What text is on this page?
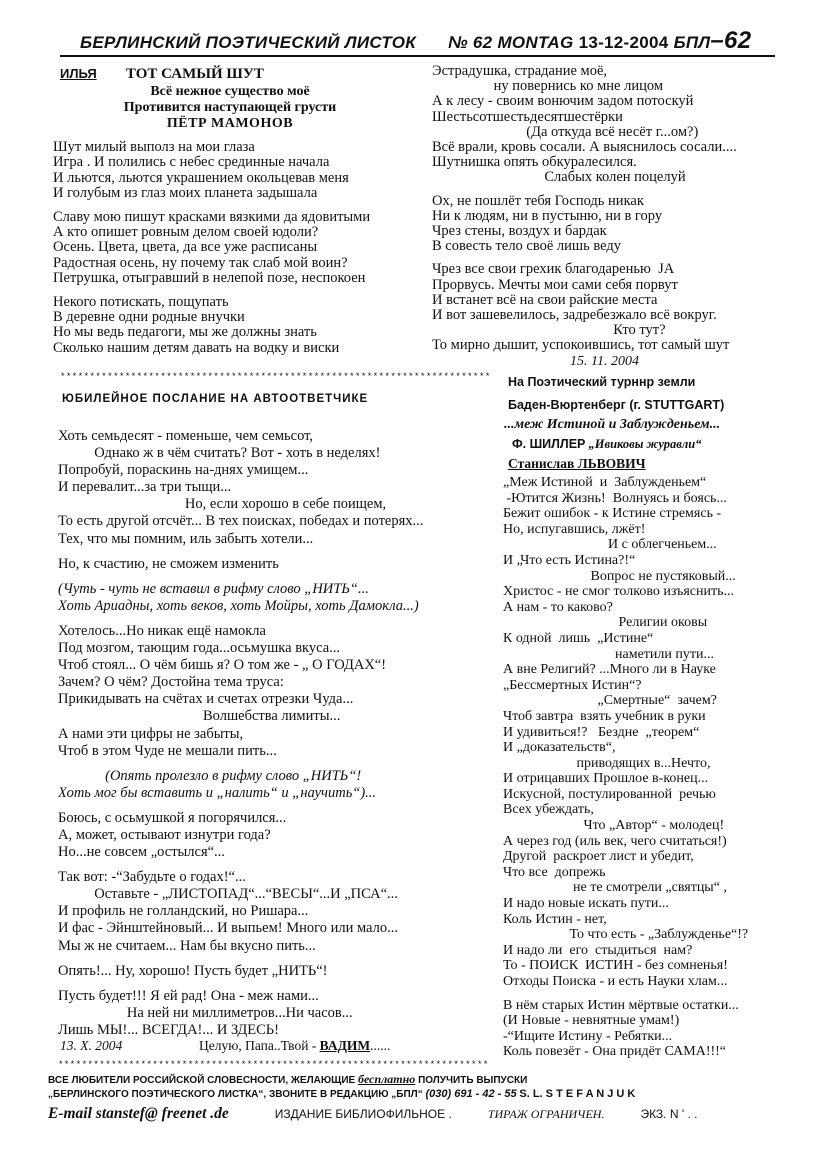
БЕРЛИНСКИЙ ПОЭТИЧЕСКИЙ ЛИСТОК № 62 MONTAG 13-12-2004 БПЛ–62
ИЛЬЯ ТОТ САМЫЙ ШУТ
Всё нежное существо моё
Противится наступающей грусти
ПЁТР МАМОНОВ
Шут милый выполз на мои глаза
Игра . И полились с небес срединные начала
И льются, льются украшением окольцевав меня
И голубым из глаз моих планета задышала
Славу мою пишут красками вязкими да ядовитыми
А кто опишет ровным делом своей юдоли?
Осень. Цвета, цвета, да все уже расписаны
Радостная осень, ну почему так слаб мой воин?
Петрушка, отыгравший в нелепой позе, неспокоен
Некого потискать, пощупать
В деревне одни родные внучки
Но мы ведь педагоги, мы же должны знать
Сколько нашим детям давать на водку и виски
Эстрадушка, страдание моё,
ну повернись ко мне лицом
А к лесу - своим вонючим задом потоскуй
Шестьсотшестьдесятшестёрки
(Да откуда всё несёт г...ом?)
Всё врали, кровь сосали. А выяснилось сосали....
Шутнишка опять обкуралесился.
Слабых колен поцелуй
Ох, не пошлёт тебя Господь никак
Ни к людям, ни в пустыню, ни в гору
Чрез стены, воздух и бардак
В совесть тело своё лишь веду
Чрез все свои грехик благодаренью  JA
Прорвусь. Мечты мои сами себя порвут
И встанет всё на свои райские места
И вот зашевелилось, задребезжало всё вокруг.
Кто тут?
То мирно дышит, успокоившись, тот самый шут
15. 11. 2004
*************************************************************************
ЮБИЛЕЙНОЕ ПОСЛАНИЕ НА АВТООТВЕТЧИКЕ
Хоть семьдесят - поменьше, чем семьсот,
Однако ж в чём считать? Вот - хоть в неделях!
Попробуй, пораскинь на-днях умищем...
И перевалит...за три тыщи...
Но, если хорошо в себе поищем,
То есть другой отсчёт... В тех поисках, победах и потерях...
Тех, что мы помним, иль забыть хотели...
Но, к счастию, не сможем изменить
(Чуть - чуть не вставил в рифму слово „НИТЬ“...
Хоть Ариадны, хоть веков, хоть Мойры, хоть Дамокла...)
Хотелось...Но никак ещё намокла
Под мозгом, тающим года...осьмушка вкуса...
Чтоб стоял... О чём бишь я? О том же - „ О ГОДАХ“!
Зачем? О чём? Достойна тема труса:
Прикидывать на счётах и счетах отрезки Чуда...
Волшебства лимиты...
А нами эти цифры не забыты,
Чтоб в этом Чуде не мешали пить...
(Опять пролезло в рифму слово „НИТЬ“!
Хоть мог бы вставить и „налить“ и „научить“)...
Боюсь, с осьмушкой я погорячился...
А, может, остывают изнутри года?
Но...не совсем „остылся“...
Так вот: -“Забудьте о годах!“...
Оставьте - „ЛИСТОПАД“...“ВЕСЫ“...И „ПСА“...
И профиль не голландский, но Ришара...
И фас - Эйнштейновый... И выпьем! Много или мало...
Мы ж не считаем... Нам бы вкусно пить...
Опять!... Ну, хорошо! Пусть будет „НИТЬ“!
Пусть будет!!! Я ей рад! Она - меж нами...
На ней ни миллиметров...Ни часов...
Лишь МЫ!... ВСЕГДА!... И ЗДЕСЬ!
13. X. 2004	Целую, Папа..Твой - ВАДИМ......
На Поэтический турннр земли
Баден-Вюртенберг (г. STUTTGART)
...меж Истиной и Заблужденьем...
Ф. ШИЛЛЕР „Ивиковы журавли“
Станислав ЛЬВОВИЧ
„Меж Истиной  и  Заблужденьем“
-Ютится Жизнь!  Волнуясь и боясь...
Бежит ошибок - к Истине стремясь -
Но, испугавшись, лжёт!
И с облегченьем...
И „Что есть Истина?!“
Вопрос не пустяковый...
Христос - не смог толково изъяснить...
А нам - то каково?
Религии оковы
К одной  лишь  „Истине“
наметили пути...
А вне Религий? ...Много ли в Науке
„Бессмертных Истин“?
„Смертные“  зачем?
Чтоб завтра  взять учебник в руки
И удивиться!?   Бездне  „теорем“
И „доказательств“,
приводящих в...Нечто,
И отрицавших Прошлое в-конец...
Искусной, постулированной  речью
Всех убеждать,
Что „Автор“ - молодец!
А через год (иль век, чего считаться!)
Другой  раскроет лист и убедит,
Что все  допрежь
не те смотрели „святцы“ ,
И надо новые искать пути...
Коль Истин - нет,
То что есть - „Заблужденье“!?
И надо ли  его  стыдиться  нам?
То - ПОИСК  ИСТИН - без сомненья!
Отходы Поиска - и есть Науки хлам...
В нём старых Истин мёртвые остатки...
(И Новые - невнятные умам!)
-“Ищите Истину - Ребятки...
Коль повезёт - Она придёт САМА!!!“
*************************************************************************
ВСЕ ЛЮБИТЕЛИ РОССИЙСКОЙ СЛОВЕСНОСТИ, ЖЕЛАЮЩИЕ бесплатно ПОЛУЧИТЬ ВЫПУСКИ
„БЕРЛИНСКОГО ПОЭТИЧЕСКОГО ЛИСТКА“, ЗВОНИТЕ В РЕДАКЦИЮ „БПЛ“ (030) 691 - 42 - 55 S. L. S T E F A N J U K
E-mail stanstef@ freenet .de	ИЗДАНИЕ БИБЛИОФИЛЬНОЕ .	ТИРАЖ ОГРАНИЧЕН.	ЭКЗ. N ' . .
